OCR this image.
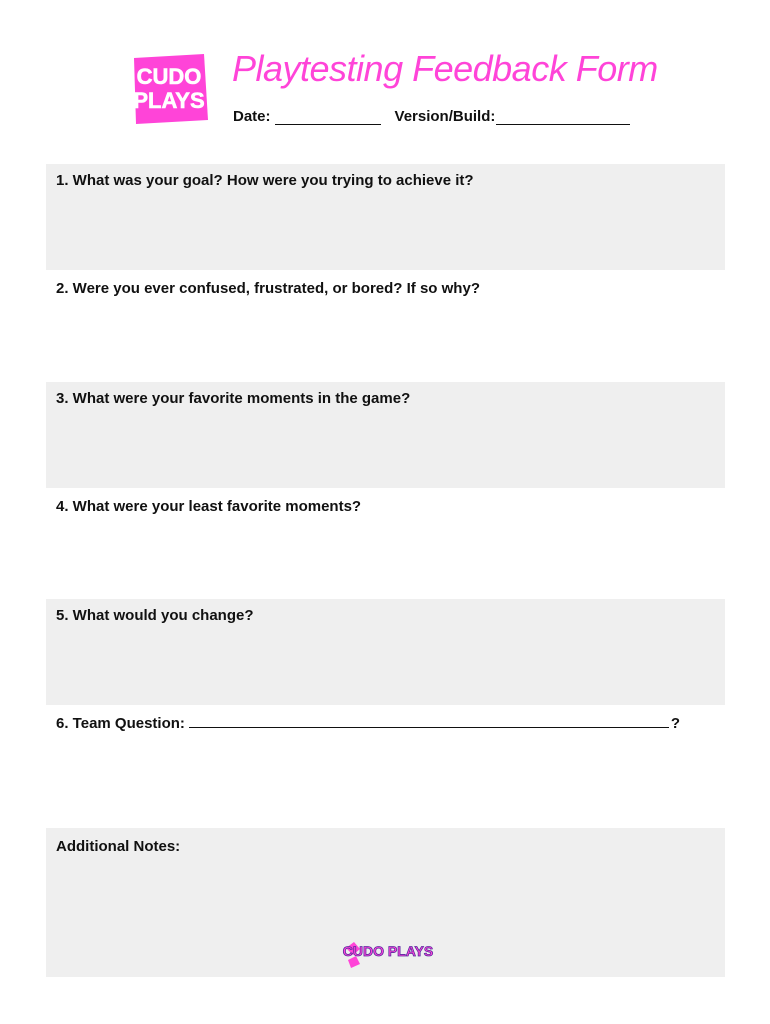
CUDO
PLAYS
Playtesting Feedback Form
Date:	Version/Build:
1. What was your goal? How were you trying to achieve it?
2. Were you ever confused, frustrated, or bored? If so why?
3. What were your favorite moments in the game?
4. What were your least favorite moments?
5. What would you change?
6. Team Question:	?
Additional Notes:
CUDO PLAYS
